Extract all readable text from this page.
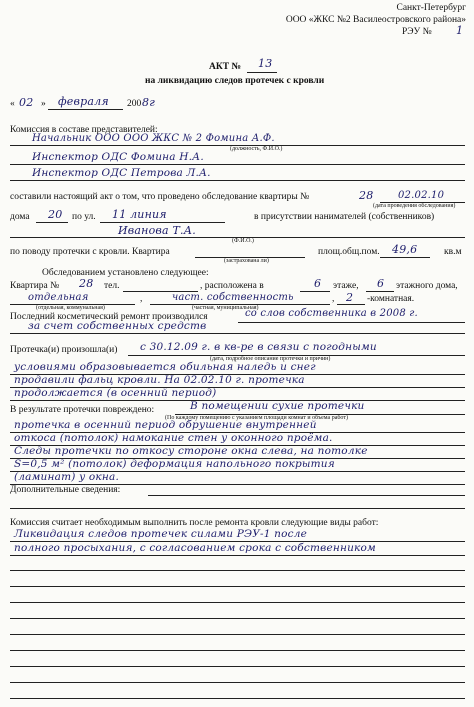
Санкт-Петербург
ООО «ЖКС №2 Василеостровского района»
РЭУ № 1
АКТ № 13
на ликвидацию следов протечек с кровли
« 02 » февраля 200 8г
Комиссия в составе представителей:
Начальник ООО ООО ЖКС № 2 Фомина А.Ф.
(должность, Ф.И.О.)
Инспектор ОДС Фомина Н.А.
Инспектор ОДС Петрова Л.А.
составили настоящий акт о том, что проведено обследование квартиры №	28 02.02.10
(дата проведения обследования)
дома 20 по ул. 11 линия	в присутствии нанимателей (собственников)
Иванова Т.А.
(Ф.И.О.)
по поводу протечки с кровли. Квартира
(застрахована ли)
площ.общ.пом. 49,6	кв.м
Обследованием установлено следующее:
Квартира № 28 тел.	, расположена в	6 этаже, 6 этажного дома,
отдельная
(отдельная, коммунальная)
,	част. собственность
(частная, муниципальная)
, 2 -комнатная.
Последний косметический ремонт производился	со слов собственника в 2008 г.
за счет собственных средств
Протечка(и) произошла(и) с 30.12.09 г. в кв-ре в связи с погодными
(дата, подробное описание протечки и причин)
условиями образовывается обильная наледь и снег
продавили фальц кровли. На 02.02.10 г. протечка
продолжается (в осенний период)
В результате протечки повреждено:	В помещении сухие протечки
(По каждому помещению с указанием площади комнат и объема работ)
протечка в осенний период обрушение внутренней
откоса (потолок) намокание стен у оконного проёма.
Следы протечки по откосу стороне окна слева, на потолке
S=0,5 м² (потолок) деформация напольного покрытия
(ламинат) у окна.
Дополнительные сведения:
Комиссия считает необходимым выполнить после ремонта кровли следующие виды работ:
Ликвидация следов протечек силами РЭУ-1 после
полного просыхания, с согласованием срока с собственником
